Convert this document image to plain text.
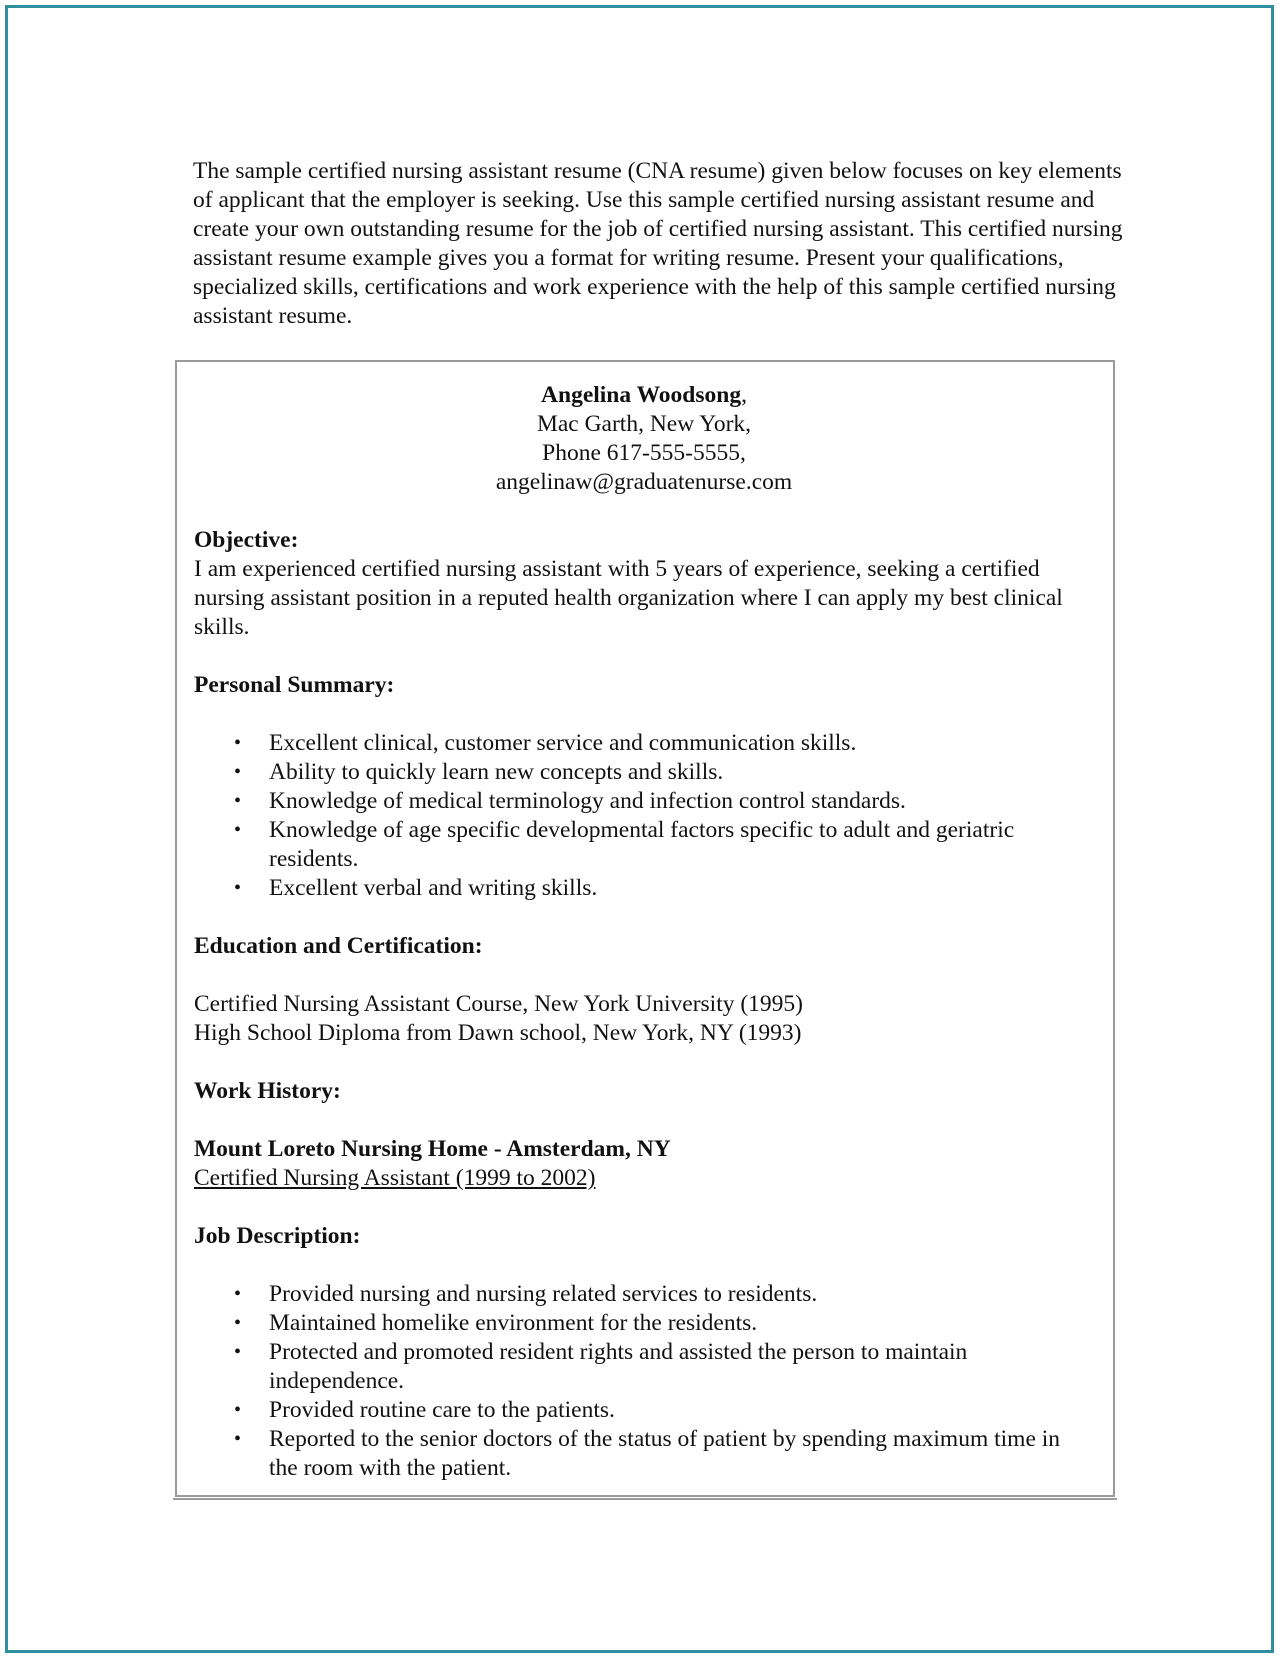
The sample certified nursing assistant resume (CNA resume) given below focuses on key elements of applicant that the employer is seeking. Use this sample certified nursing assistant resume and create your own outstanding resume for the job of certified nursing assistant. This certified nursing assistant resume example gives you a format for writing resume. Present your qualifications, specialized skills, certifications and work experience with the help of this sample certified nursing assistant resume.

Angelina Woodsong,
Mac Garth, New York,
Phone 617-555-5555,
angelinaw@graduatenurse.com
Objective:

I am experienced certified nursing assistant with 5 years of experience, seeking a certified nursing assistant position in a reputed health organization where I can apply my best clinical skills.

Personal Summary:
• Excellent clinical, customer service and communication skills.
• Ability to quickly learn new concepts and skills.
• Knowledge of medical terminology and infection control standards.
• Knowledge of age specific developmental factors specific to adult and geriatric residents.
• Excellent verbal and writing skills.
Education and Certification:

Certified Nursing Assistant Course, New York University (1995)

High School Diploma from Dawn school, New York, NY (1993)

Work History:
Mount Loreto Nursing Home - Amsterdam, NY
Certified Nursing Assistant (1999 to 2002)
Job Description:
• Provided nursing and nursing related services to residents.
• Maintained homelike environment for the residents.
• Protected and promoted resident rights and assisted the person to maintain independence.
• Provided routine care to the patients.
• Reported to the senior doctors of the status of patient by spending maximum time in the room with the patient.
